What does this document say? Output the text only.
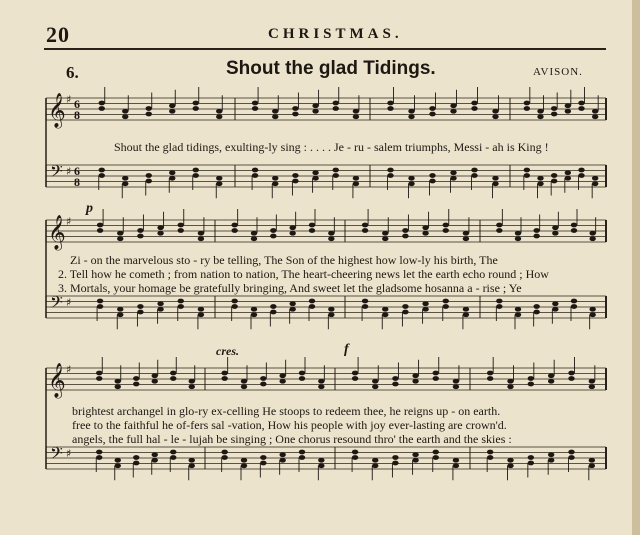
20	CHRISTMAS.
6.	Shout the glad Tidings.	AVISON.
𝄞
𝄢
♯
♯
𝄞
𝄢
♯
♯
𝄞
𝄢
♯
♯
6
8
6
8
Shout the glad tidings, exulting-ly sing : . . . . Je - ru - salem triumphs, Messi - ah is King !
p
Zi - on the marvelous sto - ry be telling, The Son of the highest how low-ly his birth, The
2. Tell how he cometh ; from nation to nation, The heart-cheering news let the earth echo round ; How
3. Mortals, your homage be gratefully bringing, And sweet let the gladsome hosanna a - rise ; Ye
cres.	f
brightest archangel in glo-ry ex-celling He stoops to redeem thee, he reigns up - on earth.
free to the faithful he of-fers sal -vation, How his people with joy ever-lasting are crown'd.
angels, the full hal - le - lujah be singing ; One chorus resound thro' the earth and the skies :
